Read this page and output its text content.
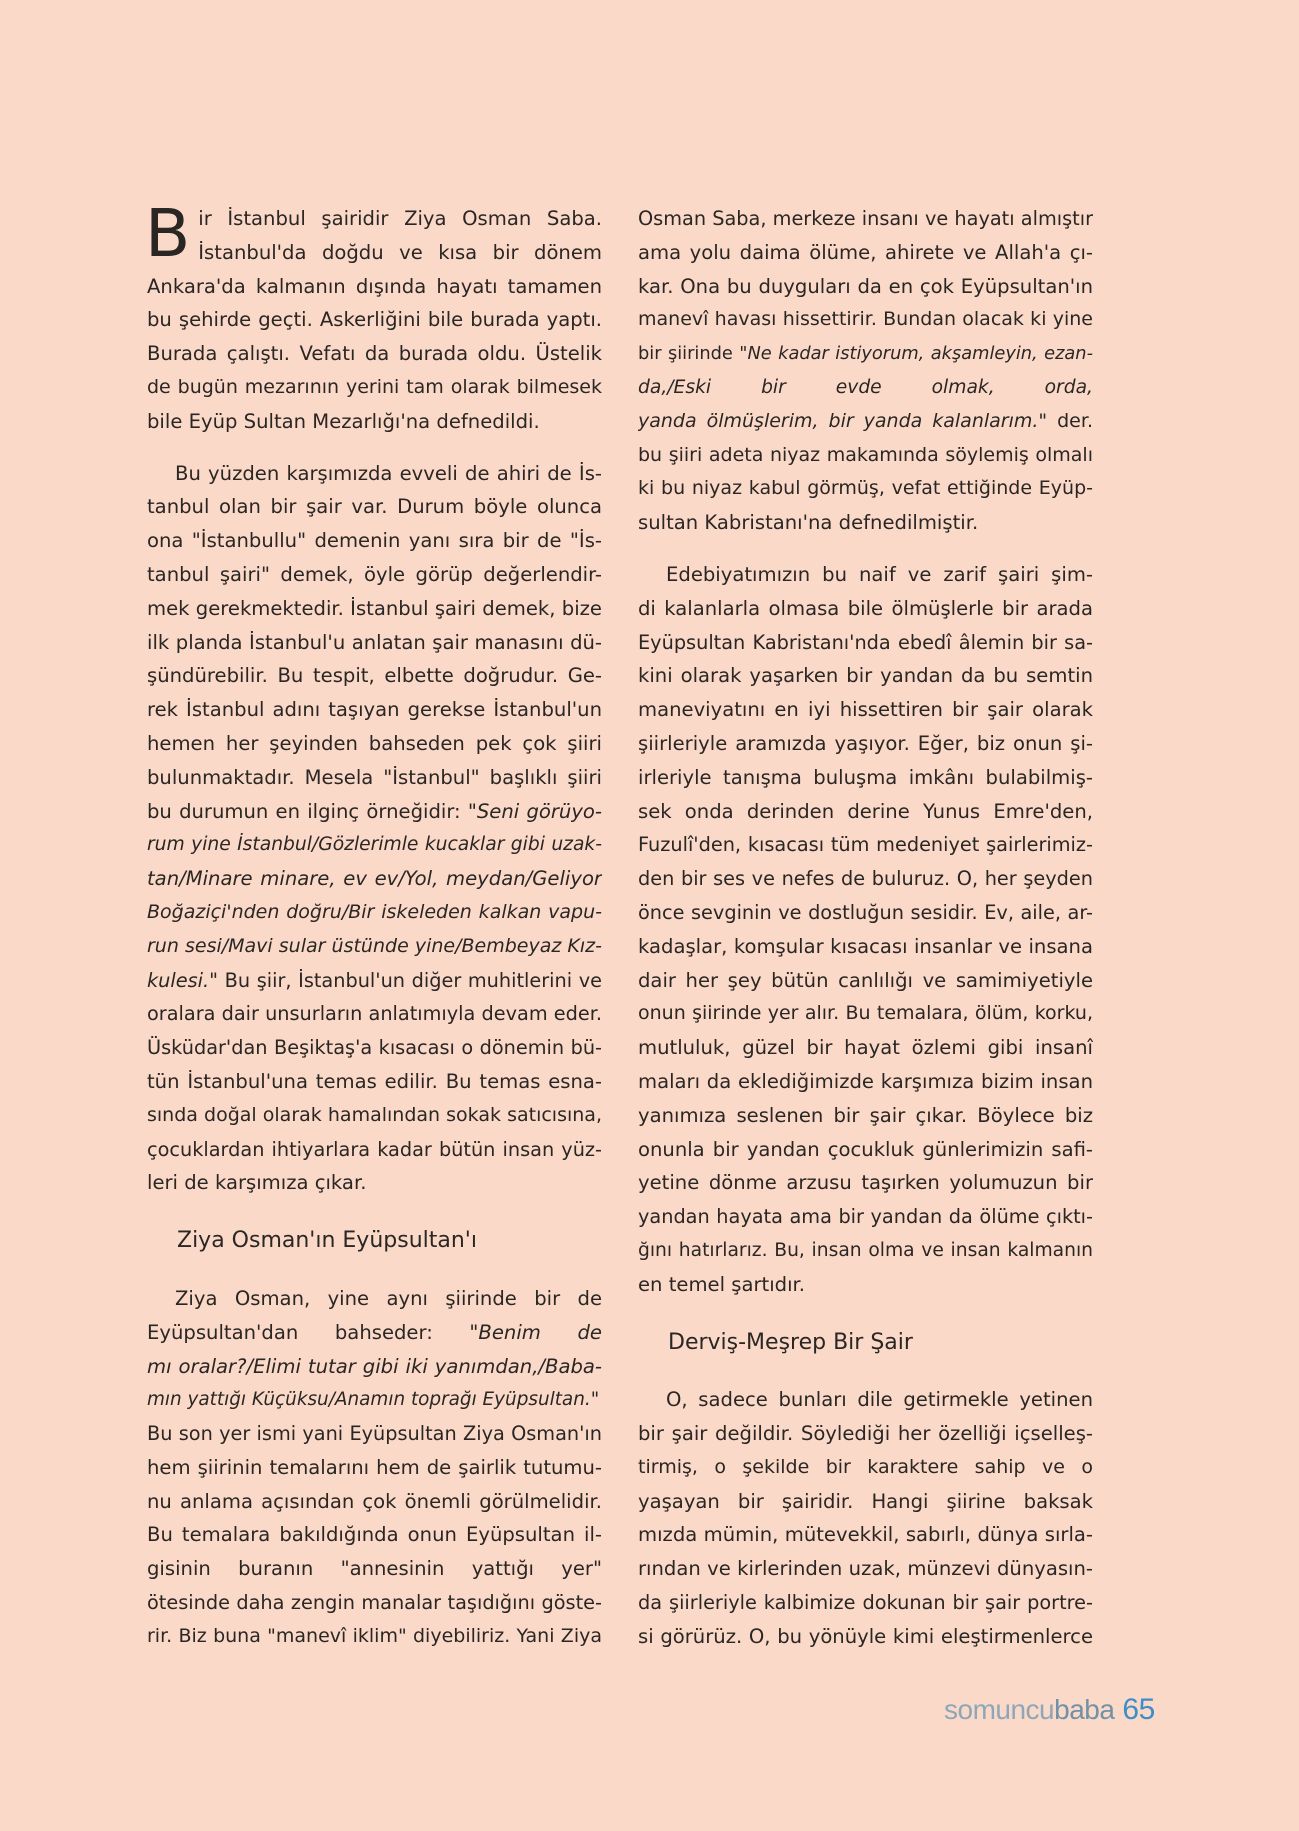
B ir İstanbul şairidir Ziya Osman Saba.
İstanbul'da doğdu ve kısa bir dönem
Ankara'da kalmanın dışında hayatı tamamen
bu şehirde geçti. Askerliğini bile burada yaptı.
Burada çalıştı. Vefatı da burada oldu. Üstelik
de bugün mezarının yerini tam olarak bilmesek
bile Eyüp Sultan Mezarlığı'na defnedildi.
Bu yüzden karşımızda evveli de ahiri de İs-
tanbul olan bir şair var. Durum böyle olunca
ona "İstanbullu" demenin yanı sıra bir de "İs-
tanbul şairi" demek, öyle görüp değerlendir-
mek gerekmektedir. İstanbul şairi demek, bize
ilk planda İstanbul'u anlatan şair manasını dü-
şündürebilir. Bu tespit, elbette doğrudur. Ge-
rek İstanbul adını taşıyan gerekse İstanbul'un
hemen her şeyinden bahseden pek çok şiiri
bulunmaktadır. Mesela "İstanbul" başlıklı şiiri
bu durumun en ilginç örneğidir: "Seni görüyo-
rum yine İstanbul/Gözlerimle kucaklar gibi uzak-
tan/Minare minare, ev ev/Yol, meydan/Geliyor
Boğaziçi'nden doğru/Bir iskeleden kalkan vapu-
run sesi/Mavi sular üstünde yine/Bembeyaz Kız-
kulesi." Bu şiir, İstanbul'un diğer muhitlerini ve
oralara dair unsurların anlatımıyla devam eder.
Üsküdar'dan Beşiktaş'a kısacası o dönemin bü-
tün İstanbul'una temas edilir. Bu temas esna-
sında doğal olarak hamalından sokak satıcısına,
çocuklardan ihtiyarlara kadar bütün insan yüz-
leri de karşımıza çıkar.
Ziya Osman'ın Eyüpsultan'ı
Ziya Osman, yine aynı şiirinde bir de
Eyüpsultan'dan bahseder: "Benim de
mı oralar?/Elimi tutar gibi iki yanımdan,/Baba-
mın yattığı Küçüksu/Anamın toprağı Eyüpsultan."
Bu son yer ismi yani Eyüpsultan Ziya Osman'ın
hem şiirinin temalarını hem de şairlik tutumu-
nu anlama açısından çok önemli görülmelidir.
Bu temalara bakıldığında onun Eyüpsultan il-
gisinin buranın "annesinin yattığı yer"
ötesinde daha zengin manalar taşıdığını göste-
rir. Biz buna "manevî iklim" diyebiliriz. Yani Ziya
Osman Saba, merkeze insanı ve hayatı almıştır
ama yolu daima ölüme, ahirete ve Allah'a çı-
kar. Ona bu duyguları da en çok Eyüpsultan'ın
manevî havası hissettirir. Bundan olacak ki yine
bir şiirinde "Ne kadar istiyorum, akşamleyin, ezan-
da,/Eski bir evde olmak, orda,
yanda ölmüşlerim, bir yanda kalanlarım." der.
bu şiiri adeta niyaz makamında söylemiş olmalı
ki bu niyaz kabul görmüş, vefat ettiğinde Eyüp-
sultan Kabristanı'na defnedilmiştir.
Edebiyatımızın bu naif ve zarif şairi şim-
di kalanlarla olmasa bile ölmüşlerle bir arada
Eyüpsultan Kabristanı'nda ebedî âlemin bir sa-
kini olarak yaşarken bir yandan da bu semtin
maneviyatını en iyi hissettiren bir şair olarak
şiirleriyle aramızda yaşıyor. Eğer, biz onun şi-
irleriyle tanışma buluşma imkânı bulabilmiş-
sek onda derinden derine Yunus Emre'den,
Fuzulî'den, kısacası tüm medeniyet şairlerimiz-
den bir ses ve nefes de buluruz. O, her şeyden
önce sevginin ve dostluğun sesidir. Ev, aile, ar-
kadaşlar, komşular kısacası insanlar ve insana
dair her şey bütün canlılığı ve samimiyetiyle
onun şiirinde yer alır. Bu temalara, ölüm, korku,
mutluluk, güzel bir hayat özlemi gibi insanî
maları da eklediğimizde karşımıza bizim insan
yanımıza seslenen bir şair çıkar. Böylece biz
onunla bir yandan çocukluk günlerimizin safi-
yetine dönme arzusu taşırken yolumuzun bir
yandan hayata ama bir yandan da ölüme çıktı-
ğını hatırlarız. Bu, insan olma ve insan kalmanın
en temel şartıdır.
Derviş-Meşrep Bir Şair
O, sadece bunları dile getirmekle yetinen
bir şair değildir. Söylediği her özelliği içselleş-
tirmiş, o şekilde bir karaktere sahip ve o
yaşayan bir şairidir. Hangi şiirine baksak
mızda mümin, mütevekkil, sabırlı, dünya sırla-
rından ve kirlerinden uzak, münzevi dünyasın-
da şiirleriyle kalbimize dokunan bir şair portre-
si görürüz. O, bu yönüyle kimi eleştirmenlerce
somuncubaba 65
